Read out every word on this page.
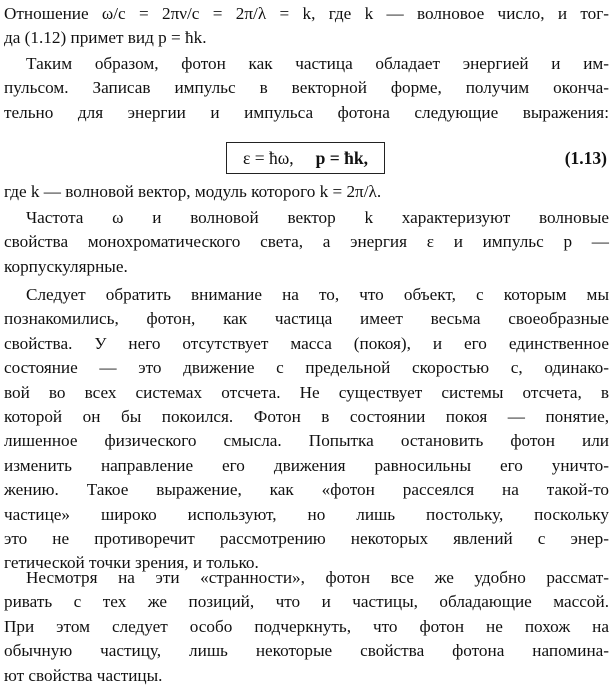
Отношение ω/c = 2πν/c = 2π/λ = k, где k — волновое число, и тог-
да (1.12) примет вид p = ħk.
Таким образом, фотон как частица обладает энергией и им-
пульсом. Записав импульс в векторной форме, получим оконча-
тельно для энергии и импульса фотона следующие выражения:
ε = ħω, p = ħk,	(1.13)
где k — волновой вектор, модуль которого k = 2π/λ.
Частота ω и волновой вектор k характеризуют волновые
свойства монохроматического света, а энергия ε и импульс p —
корпускулярные.
Следует обратить внимание на то, что объект, с которым мы
познакомились, фотон, как частица имеет весьма своеобразные
свойства. У него отсутствует масса (покоя), и его единственное
состояние — это движение с предельной скоростью c, одинако-
вой во всех системах отсчета. Не существует системы отсчета, в
которой он бы покоился. Фотон в состоянии покоя — понятие,
лишенное физического смысла. Попытка остановить фотон или
изменить направление его движения равносильны его уничто-
жению. Такое выражение, как «фотон рассеялся на такой-то
частице» широко используют, но лишь постольку, поскольку
это не противоречит рассмотрению некоторых явлений с энер-
гетической точки зрения, и только.
Несмотря на эти «странности», фотон все же удобно рассмат-
ривать с тех же позиций, что и частицы, обладающие массой.
При этом следует особо подчеркнуть, что фотон не похож на
обычную частицу, лишь некоторые свойства фотона напомина-
ют свойства частицы.
